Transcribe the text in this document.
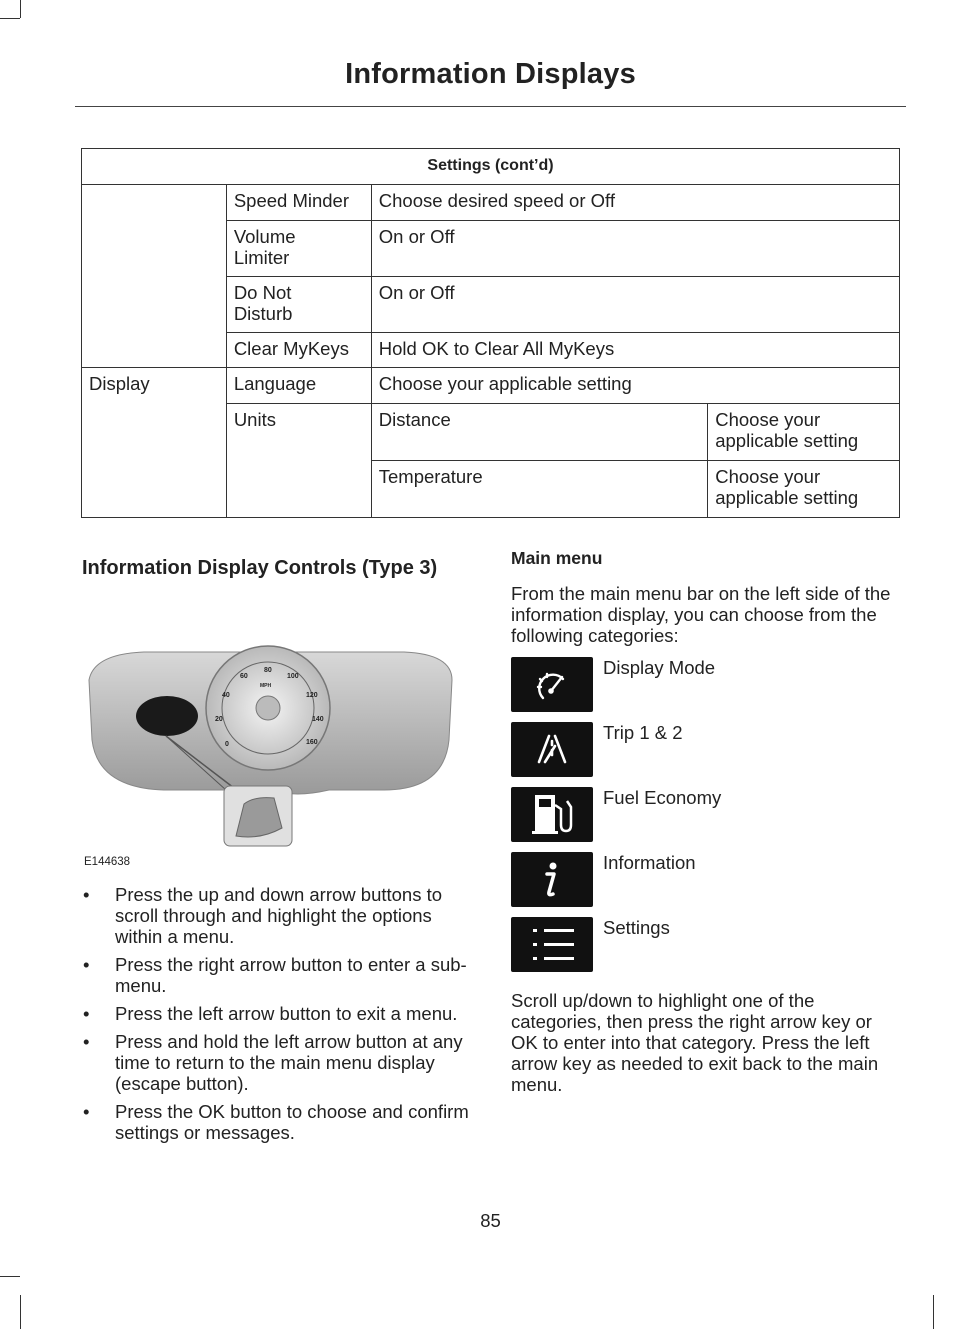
Information Displays
Settings (cont’d)			
	Speed Minder	Choose desired speed or Off	
	Volume Limiter	On or Off	
	Do Not Disturb	On or Off	
	Clear MyKeys	Hold OK to Clear All MyKeys	
Display	Language	Choose your applicable setting	
	Units	Distance	Choose your applicable setting
		Temperature	Choose your applicable setting
Information Display Controls (Type 3)
0
20
40
60
80
100
120
140
160
MPH
E144638
• Press the up and down arrow buttons to scroll through and highlight the options within a menu.
• Press the right arrow button to enter a sub-menu.
• Press the left arrow button to exit a menu.
• Press and hold the left arrow button at any time to return to the main menu display (escape button).
• Press the OK button to choose and confirm settings or messages.
Main menu

From the main menu bar on the left side of the information display, you can choose from the following categories:

Display Mode
Trip 1 & 2
Fuel Economy
Information
Settings

Scroll up/down to highlight one of the categories, then press the right arrow key or OK to enter into that category. Press the left arrow key as needed to exit back to the main menu.

85
